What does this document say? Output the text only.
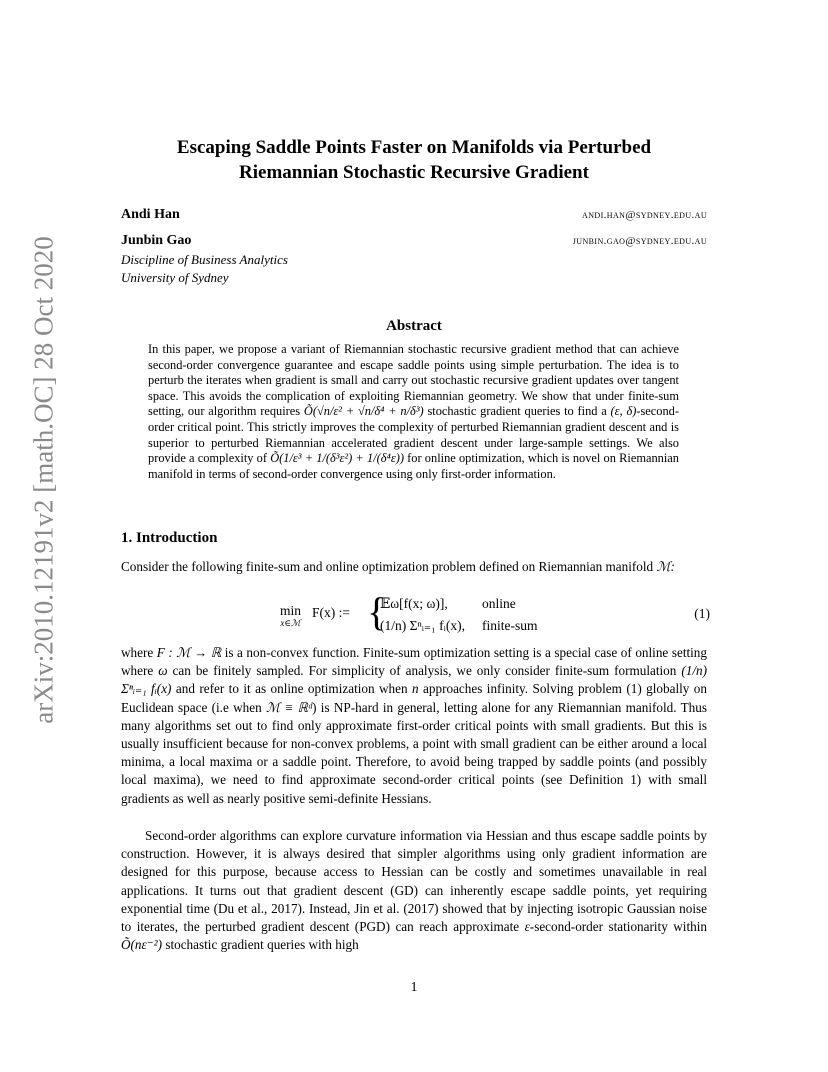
arXiv:2010.12191v2 [math.OC] 28 Oct 2020
Escaping Saddle Points Faster on Manifolds via Perturbed
Riemannian Stochastic Recursive Gradient
Andi Han	andi.han@sydney.edu.au
Junbin Gao	junbin.gao@sydney.edu.au
Discipline of Business Analytics
University of Sydney
Abstract

In this paper, we propose a variant of Riemannian stochastic recursive gradient method that can achieve second-order convergence guarantee and escape saddle points using simple perturbation. The idea is to perturb the iterates when gradient is small and carry out stochastic recursive gradient updates over tangent space. This avoids the complication of exploiting Riemannian geometry. We show that under finite-sum setting, our algorithm requires Õ(√n/ε² + √n/δ⁴ + n/δ³) stochastic gradient queries to find a (ε, δ)-second-order critical point. This strictly improves the complexity of perturbed Riemannian gradient descent and is superior to perturbed Riemannian accelerated gradient descent under large-sample settings. We also provide a complexity of Õ(1/ε³ + 1/(δ³ε²) + 1/(δ⁴ε)) for online optimization, which is novel on Riemannian manifold in terms of second-order convergence using only first-order information.

1. Introduction

Consider the following finite-sum and online optimization problem defined on Riemannian manifold ℳ:

min
x∈ℳ
F(x) := {
𝔼ω[f(x; ω)],
(1/n) Σⁿᵢ₌₁ fᵢ(x),
online
finite-sum
(1)

where F : ℳ → ℝ is a non-convex function. Finite-sum optimization setting is a special case of online setting where ω can be finitely sampled. For simplicity of analysis, we only consider finite-sum formulation (1/n) Σⁿᵢ₌₁ fᵢ(x) and refer to it as online optimization when n approaches infinity. Solving problem (1) globally on Euclidean space (i.e when ℳ ≡ ℝᵈ) is NP-hard in general, letting alone for any Riemannian manifold. Thus many algorithms set out to find only approximate first-order critical points with small gradients. But this is usually insufficient because for non-convex problems, a point with small gradient can be either around a local minima, a local maxima or a saddle point. Therefore, to avoid being trapped by saddle points (and possibly local maxima), we need to find approximate second-order critical points (see Definition 1) with small gradients as well as nearly positive semi-definite Hessians.

Second-order algorithms can explore curvature information via Hessian and thus escape saddle points by construction. However, it is always desired that simpler algorithms using only gradient information are designed for this purpose, because access to Hessian can be costly and sometimes unavailable in real applications. It turns out that gradient descent (GD) can inherently escape saddle points, yet requiring exponential time (Du et al., 2017). Instead, Jin et al. (2017) showed that by injecting isotropic Gaussian noise to iterates, the perturbed gradient descent (PGD) can reach approximate ε-second-order stationarity within Õ(nε⁻²) stochastic gradient queries with high

1
